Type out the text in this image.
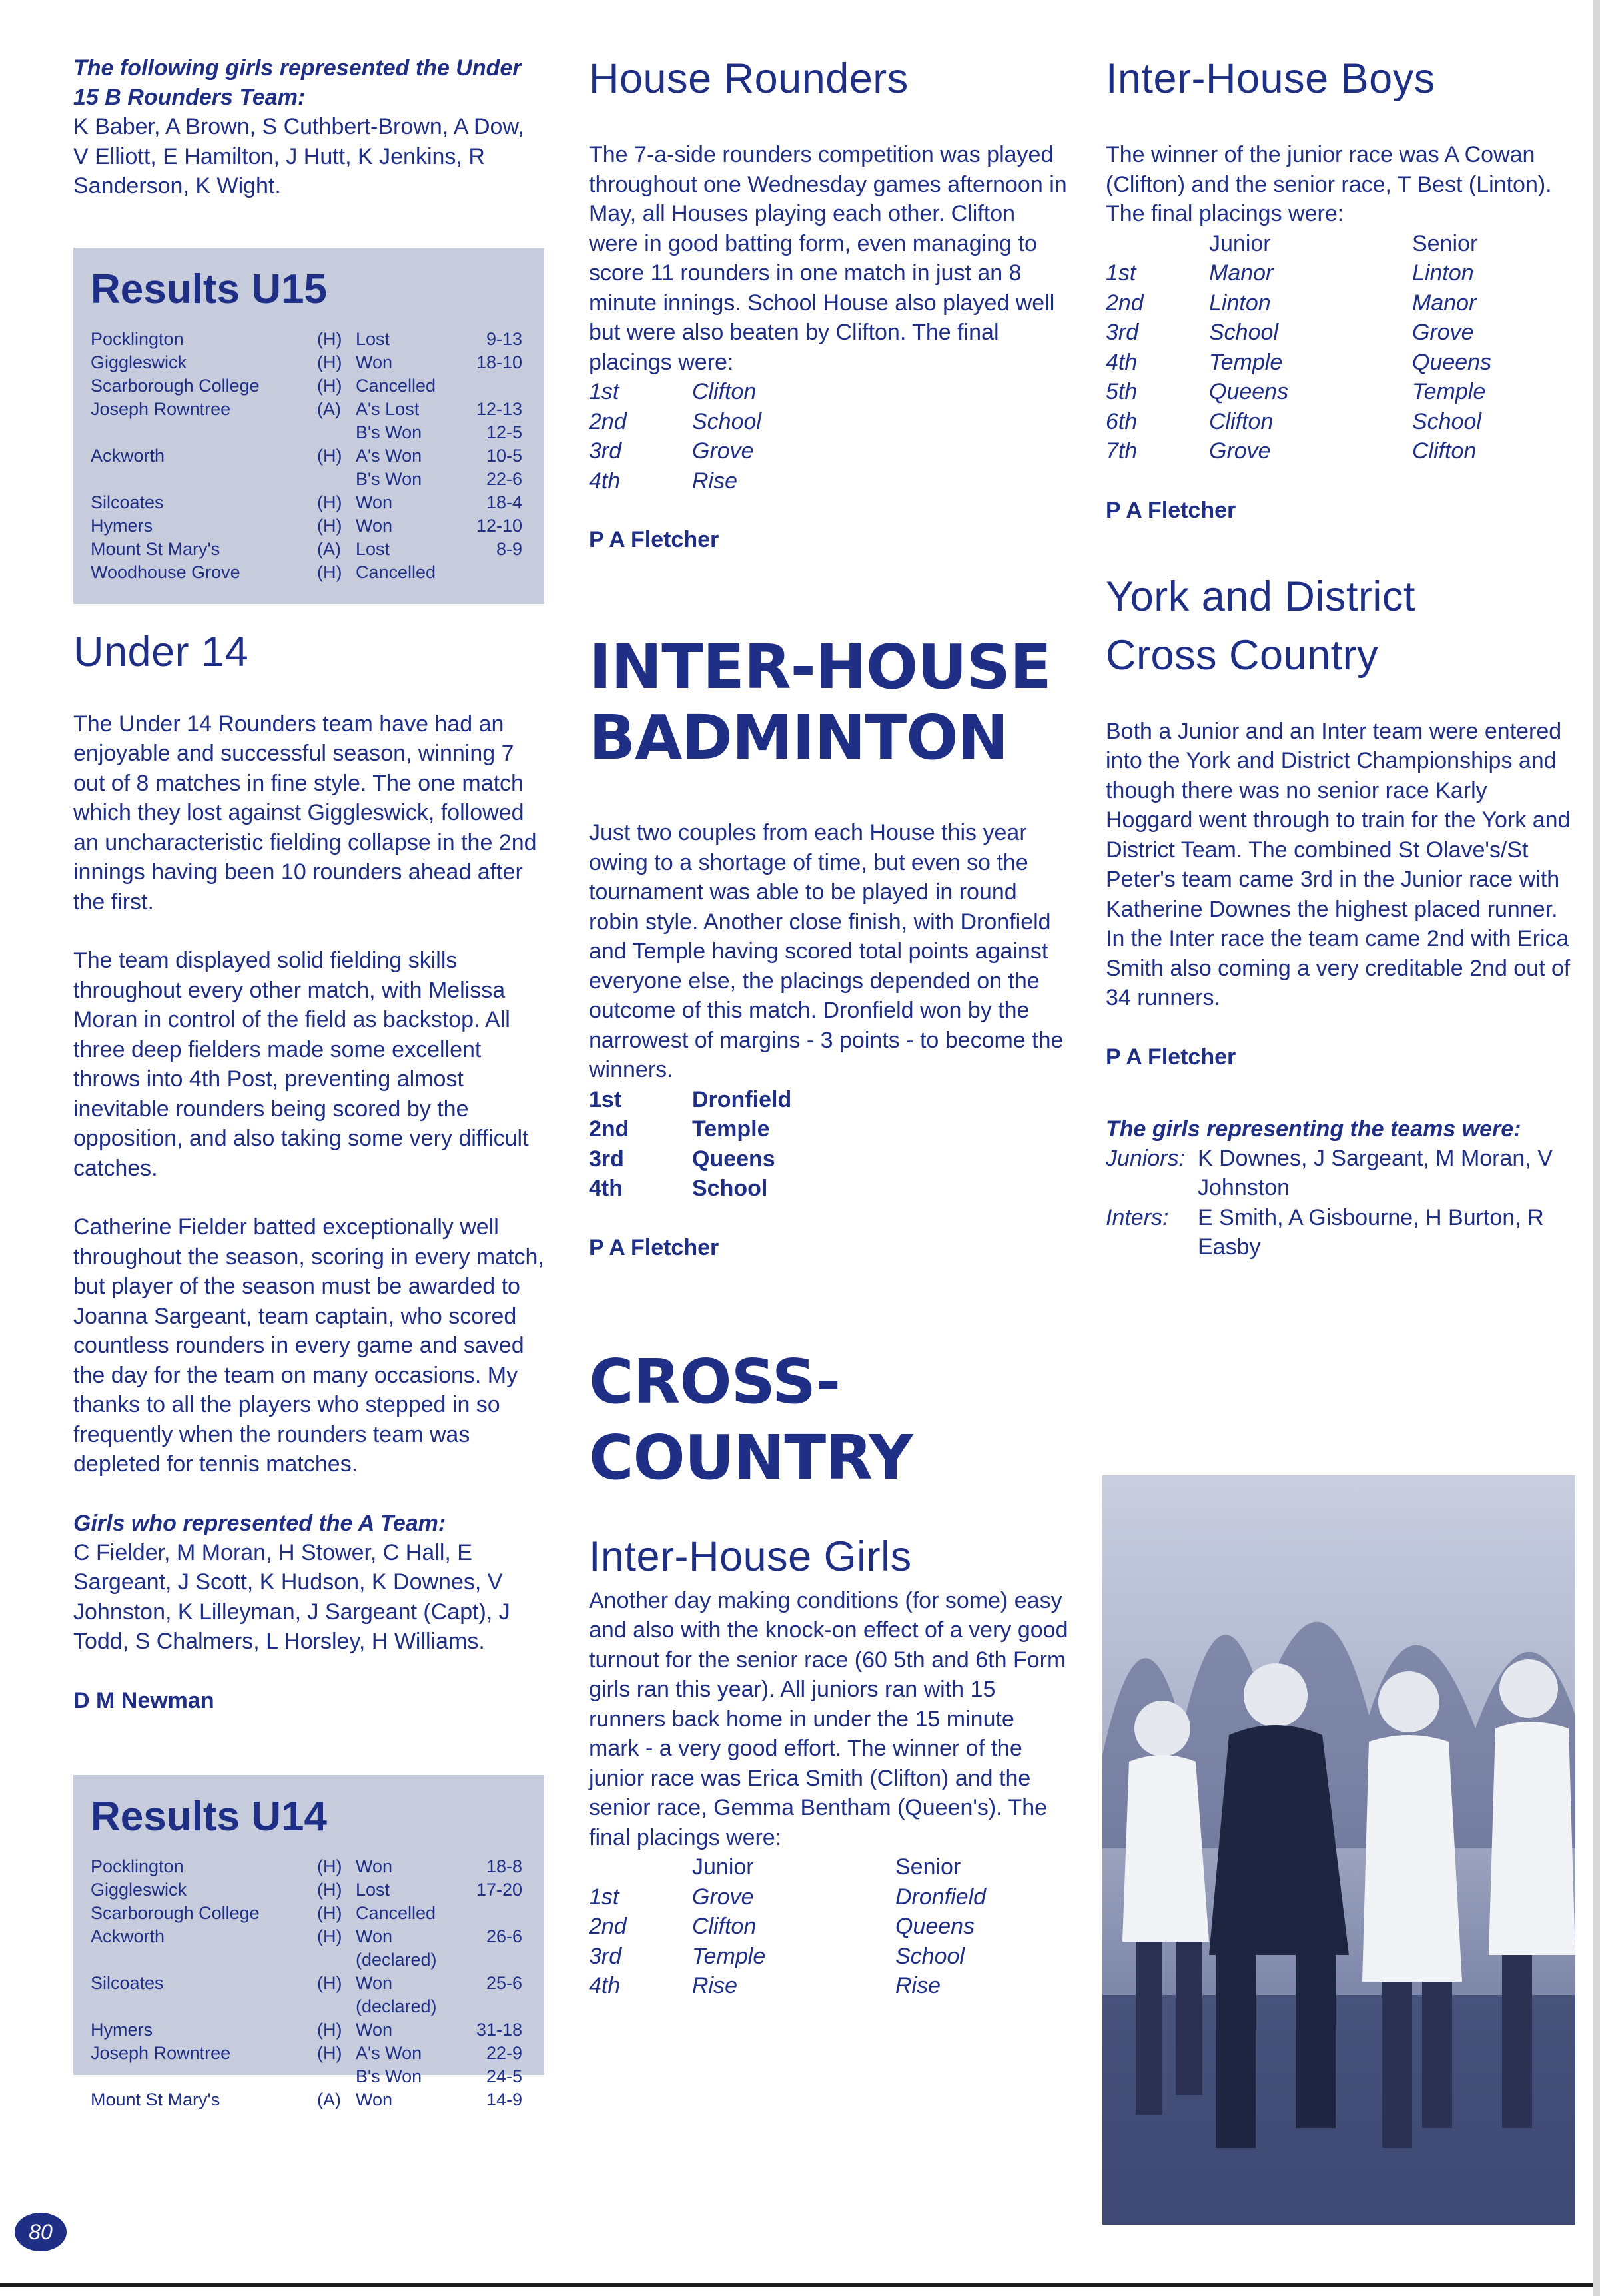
The following girls represented the Under 15 B Rounders Team:

K Baber, A Brown, S Cuthbert-Brown, A Dow, V Elliott, E Hamilton, J Hutt, K Jenkins, R Sanderson, K Wight.

Results U15
Pocklington	(H)	Lost	9-13
Giggleswick	(H)	Won	18-10
Scarborough College	(H)	Cancelled	
Joseph Rowntree	(A)	A's Lost	12-13
		B's Won	12-5
Ackworth	(H)	A's Won	10-5
		B's Won	22-6
Silcoates	(H)	Won	18-4
Hymers	(H)	Won	12-10
Mount St Mary's	(A)	Lost	8-9
Woodhouse Grove	(H)	Cancelled	
Under 14

The Under 14 Rounders team have had an enjoyable and successful season, winning 7 out of 8 matches in fine style. The one match which they lost against Giggleswick, followed an uncharacteristic fielding collapse in the 2nd innings having been 10 rounders ahead after the first.

The team displayed solid fielding skills throughout every other match, with Melissa Moran in control of the field as backstop. All three deep fielders made some excellent throws into 4th Post, preventing almost inevitable rounders being scored by the opposition, and also taking some very difficult catches.

Catherine Fielder batted exceptionally well throughout the season, scoring in every match, but player of the season must be awarded to Joanna Sargeant, team captain, who scored countless rounders in every game and saved the day for the team on many occasions. My thanks to all the players who stepped in so frequently when the rounders team was depleted for tennis matches.

Girls who represented the A Team:

C Fielder, M Moran, H Stower, C Hall, E Sargeant, J Scott, K Hudson, K Downes, V Johnston, K Lilleyman, J Sargeant (Capt), J Todd, S Chalmers, L Horsley, H Williams.

D M Newman
Results U14
Pocklington	(H)	Won	18-8
Giggleswick	(H)	Lost	17-20
Scarborough College	(H)	Cancelled	
Ackworth	(H)	Won	26-6
		(declared)	
Silcoates	(H)	Won	25-6
		(declared)	
Hymers	(H)	Won	31-18
Joseph Rowntree	(H)	A's Won	22-9
		B's Won	24-5
Mount St Mary's	(A)	Won	14-9
House Rounders

The 7-a-side rounders competition was played throughout one Wednesday games afternoon in May, all Houses playing each other. Clifton were in good batting form, even managing to score 11 rounders in one match in just an 8 minute innings. School House also played well but were also beaten by Clifton. The final placings were:

1st	Clifton
2nd	School
3rd	Grove
4th	Rise
P A Fletcher
INTER-HOUSE
BADMINTON

Just two couples from each House this year owing to a shortage of time, but even so the tournament was able to be played in round robin style. Another close finish, with Dronfield and Temple having scored total points against everyone else, the placings depended on the outcome of this match. Dronfield won by the narrowest of margins - 3 points - to become the winners.

1st	Dronfield
2nd	Temple
3rd	Queens
4th	School
P A Fletcher
CROSS-
COUNTRY
Inter-House Girls

Another day making conditions (for some) easy and also with the knock-on effect of a very good turnout for the senior race (60 5th and 6th Form girls ran this year). All juniors ran with 15 runners back home in under the 15 minute mark - a very good effort. The winner of the junior race was Erica Smith (Clifton) and the senior race, Gemma Bentham (Queen's). The final placings were:

	Junior	Senior
1st	Grove	Dronfield
2nd	Clifton	Queens
3rd	Temple	School
4th	Rise	Rise
Inter-House Boys

The winner of the junior race was A Cowan (Clifton) and the senior race, T Best (Linton). The final placings were:

	Junior	Senior
1st	Manor	Linton
2nd	Linton	Manor
3rd	School	Grove
4th	Temple	Queens
5th	Queens	Temple
6th	Clifton	School
7th	Grove	Clifton
P A Fletcher
York and District
Cross Country

Both a Junior and an Inter team were entered into the York and District Championships and though there was no senior race Karly Hoggard went through to train for the York and District Team. The combined St Olave's/St Peter's team came 3rd in the Junior race with Katherine Downes the highest placed runner. In the Inter race the team came 2nd with Erica Smith also coming a very creditable 2nd out of 34 runners.

P A Fletcher
The girls representing the teams were:
Juniors:	K Downes, J Sargeant, M Moran, V Johnston
Inters:	E Smith, A Gisbourne, H Burton, R Easby
80
